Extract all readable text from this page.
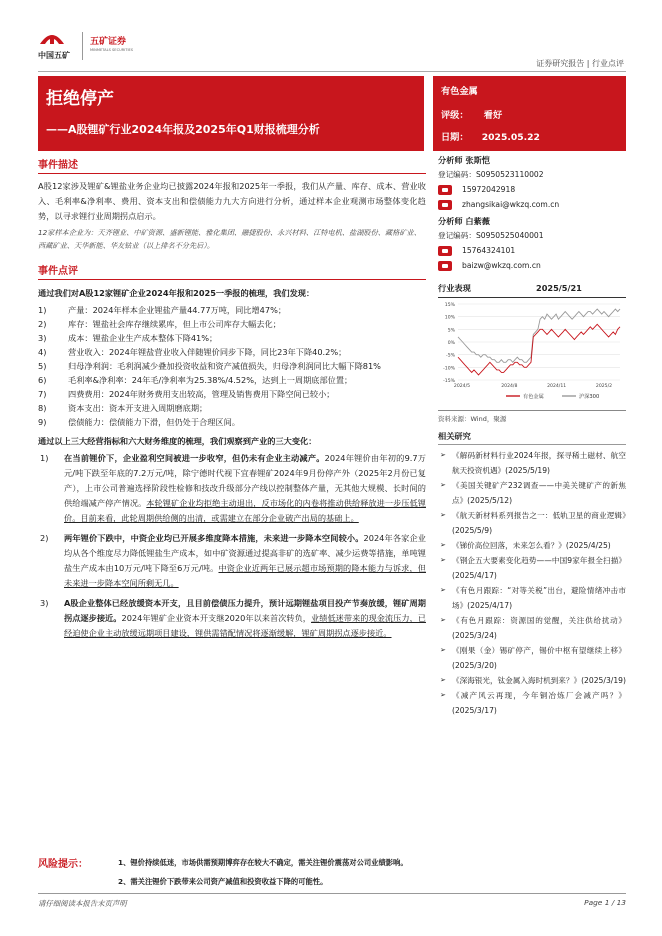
中国五矿
五矿证券
MINMETALS SECURITIES
证券研究报告 | 行业点评
拒绝停产
——A股锂矿行业2024年报及2025年Q1财报梳理分析
有色金属
评级： 看好
日期： 2025.05.22
事件描述
A股12家涉及锂矿&锂盐业务企业均已披露2024年报和2025年一季报，我们从产量、库存、成本、营业收入、毛利率&净利率、费用、资本支出和偿债能力九大方向进行分析，通过样本企业观测市场整体变化趋势，以寻求锂行业周期拐点启示。
12家样本企业为：天齐锂业、中矿资源、盛新锂能、雅化集团、融捷股份、永兴材料、江特电机、盐湖股份、藏格矿业、西藏矿业、天华新能、华友钴业（以上排名不分先后）。
事件点评
通过我们对A股12家锂矿企业2024年报和2025一季报的梳理，我们发现：
1)	产量：2024年样本企业锂盐产量44.77万吨，同比增47%；
2)	库存：锂盐社会库存继续累库，但上市公司库存大幅去化；
3)	成本：锂盐企业生产成本整体下降41%；
4)	营业收入：2024年锂盐营业收入伴随锂价同步下降，同比23年下降40.2%；
5)	归母净利润：毛利润减少叠加投资收益和资产减值损失，归母净利润同比大幅下降81%
6)	毛利率&净利率：24年毛/净利率为25.38%/4.52%，达到上一周期底部位置；
7)	四费费用：2024年财务费用支出较高，管理及销售费用下降空间已较小；
8)	资本支出：资本开支进入周期磨底期；
9)	偿债能力：偿债能力下滑，但仍处于合理区间。
通过以上三大经营指标和六大财务维度的梳理，我们观察到产业的三大变化：
1) 在当前锂价下，企业盈利空间被进一步收窄，但仍未有企业主动减产。2024年锂价由年初的9.7万元/吨下跌至年底的7.2万元/吨，除宁德时代视下宜春锂矿2024年9月份停产外（2025年2月份已复产），上市公司普遍选择阶段性检修和技改升级部分产线以控制整体产量，无其他大规模、长时间的供给端减产停产情况。本轮锂矿企业均拒绝主动退出，反市场化的内卷将推动供给释放进一步压低锂价。目前来看，此轮周期供给侧的出清，或需建立在部分企业破产出局的基础上。
2) 两年锂价下跌中，中资企业均已开展多维度降本措施，未来进一步降本空间较小。2024年各家企业均从各个维度尽力降低锂盐生产成本，如中矿资源通过提高非矿的选矿率、减少运费等措施，单吨锂盐生产成本由10万元/吨下降至6万元/吨。中资企业近两年已展示超市场预期的降本能力与诉求，但未来进一步降本空间所剩无几。
3) A股企业整体已经放缓资本开支，且目前偿债压力提升，预计远期锂盐项目投产节奏放缓，锂矿周期拐点逐步接近。2024年锂矿企业资本开支继2020年以来首次转负，业绩低迷带来的现金流压力，已经迫使企业主动放缓远期项目建设，锂供需错配情况将逐渐缓解，锂矿周期拐点逐步接近。
分析师 张斯恺
登记编码：S0950523110002
15972042918
zhangsikai@wkzq.com.cn
分析师 白紫薇
登记编码：S0950525040001
15764324101
baizw@wkzq.com.cn
行业表现	2025/5/21
15%
10%
5%
0%
-5%
-10%
-15%
2024/5	2024/8	2024/11	2025/2
有色金属	沪深300
资料来源：Wind，聚源
相关研究
➢ 《解码新材料行业2024年报，探寻稀土磁材、航空航天投资机遇》(2025/5/19)
➢ 《美国关键矿产232调查——中美关键矿产的新焦点》(2025/5/12)
➢ 《航天新材料系列报告之一：低轨卫星的商业逻辑》(2025/5/9)
➢ 《锑价高位回落，未来怎么看？》(2025/4/25)
➢ 《钢企五大要素变化趋势——中国9家年报全扫描》(2025/4/17)
➢ 《有色月跟踪：“对等关税”出台，避险情绪冲击市场》(2025/4/17)
➢ 《有色月跟踪：资源国的觉醒，关注供给扰动》(2025/3/24)
➢ 《刚果（金）锡矿停产，锡价中枢有望继续上移》(2025/3/20)
➢ 《深海银光，钛金属入海时机到来？》(2025/3/19)
➢ 《减产风云再现，今年铜冶炼厂会减产吗？》(2025/3/17)
风险提示：	1、锂价持续低迷，市场供需预期博弈存在较大不确定，需关注锂价震荡对公司业绩影响。
2、需关注锂价下跌带来公司资产减值和投资收益下降的可能性。
请仔细阅读本报告末页声明	Page 1 / 13
